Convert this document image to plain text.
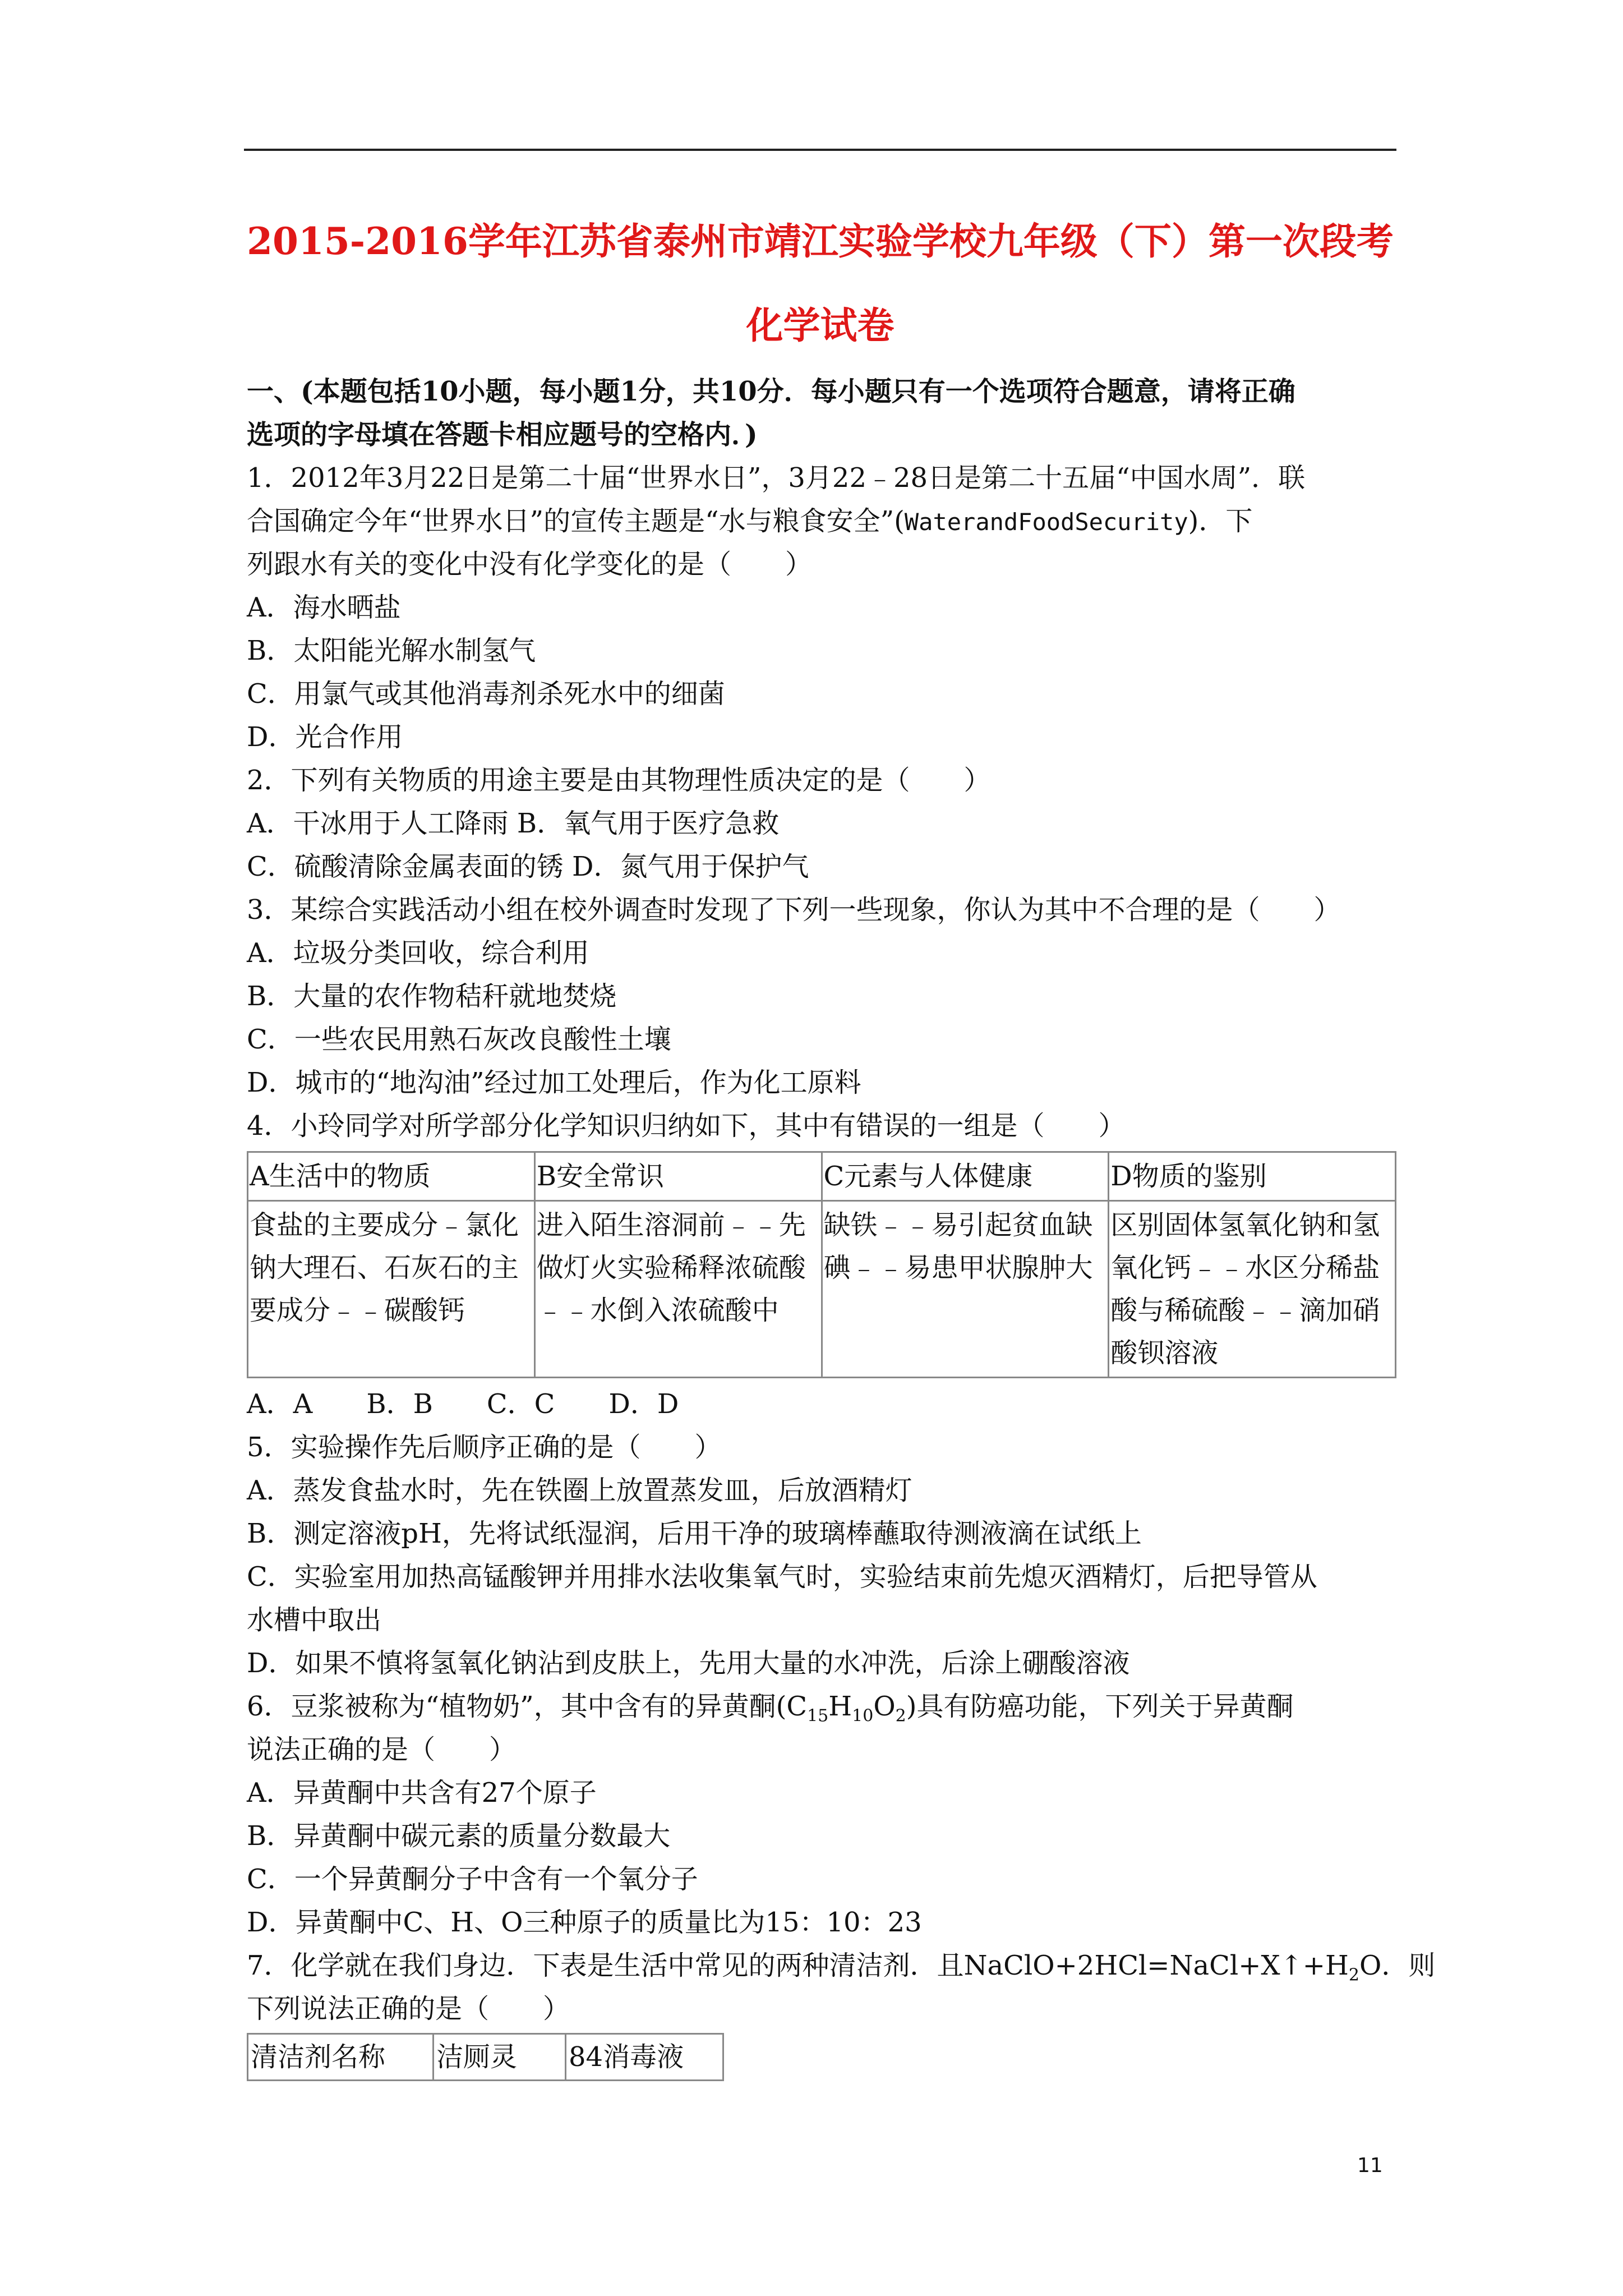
2015-2016学年江苏省泰州市靖江实验学校九年级（下）第一次段考
化学试卷
一、(本题包括10小题，每小题1分，共10分．每小题只有一个选项符合题意，请将正确
选项的字母填在答题卡相应题号的空格内．)
1．2012年3月22日是第二十届“世界水日”，3月22﹣28日是第二十五届“中国水周”．联
合国确定今年“世界水日”的宣传主题是“水与粮食安全”(WaterandFoodSecurity)．下
列跟水有关的变化中没有化学变化的是（　　）
A．海水晒盐
B．太阳能光解水制氢气
C．用氯气或其他消毒剂杀死水中的细菌
D．光合作用
2．下列有关物质的用途主要是由其物理性质决定的是（　　）
A．干冰用于人工降雨 B．氧气用于医疗急救
C．硫酸清除金属表面的锈 D．氮气用于保护气
3．某综合实践活动小组在校外调查时发现了下列一些现象，你认为其中不合理的是（　　）
A．垃圾分类回收，综合利用
B．大量的农作物秸秆就地焚烧
C．一些农民用熟石灰改良酸性土壤
D．城市的“地沟油”经过加工处理后，作为化工原料
4．小玲同学对所学部分化学知识归纳如下，其中有错误的一组是（　　）
A生活中的物质	B安全常识	C元素与人体健康	D物质的鉴别
食盐的主要成分﹣氯化钠大理石、石灰石的主要成分﹣﹣碳酸钙	进入陌生溶洞前﹣﹣先做灯火实验稀释浓硫酸﹣﹣水倒入浓硫酸中	缺铁﹣﹣易引起贫血缺碘﹣﹣易患甲状腺肿大	区别固体氢氧化钠和氢氧化钙﹣﹣水区分稀盐酸与稀硫酸﹣﹣滴加硝酸钡溶液
A．A　　B．B　　C．C　　D．D
5．实验操作先后顺序正确的是（　　）
A．蒸发食盐水时，先在铁圈上放置蒸发皿，后放酒精灯
B．测定溶液pH，先将试纸湿润，后用干净的玻璃棒蘸取待测液滴在试纸上
C．实验室用加热高锰酸钾并用排水法收集氧气时，实验结束前先熄灭酒精灯，后把导管从
水槽中取出
D．如果不慎将氢氧化钠沾到皮肤上，先用大量的水冲洗，后涂上硼酸溶液
6．豆浆被称为“植物奶”，其中含有的异黄酮$(C_{15}H_{10}O_2)$具有防癌功能，下列关于异黄酮
说法正确的是（　　）
A．异黄酮中共含有27个原子
B．异黄酮中碳元素的质量分数最大
C．一个异黄酮分子中含有一个氧分子
D．异黄酮中C、H、O三种原子的质量比为15：10：23
7．化学就在我们身边．下表是生活中常见的两种清洁剂．且$NaClO+2HCl=NaCl+X↑+H_2O$．则
下列说法正确的是（　　）
清洁剂名称	洁厕灵	84消毒液
11
